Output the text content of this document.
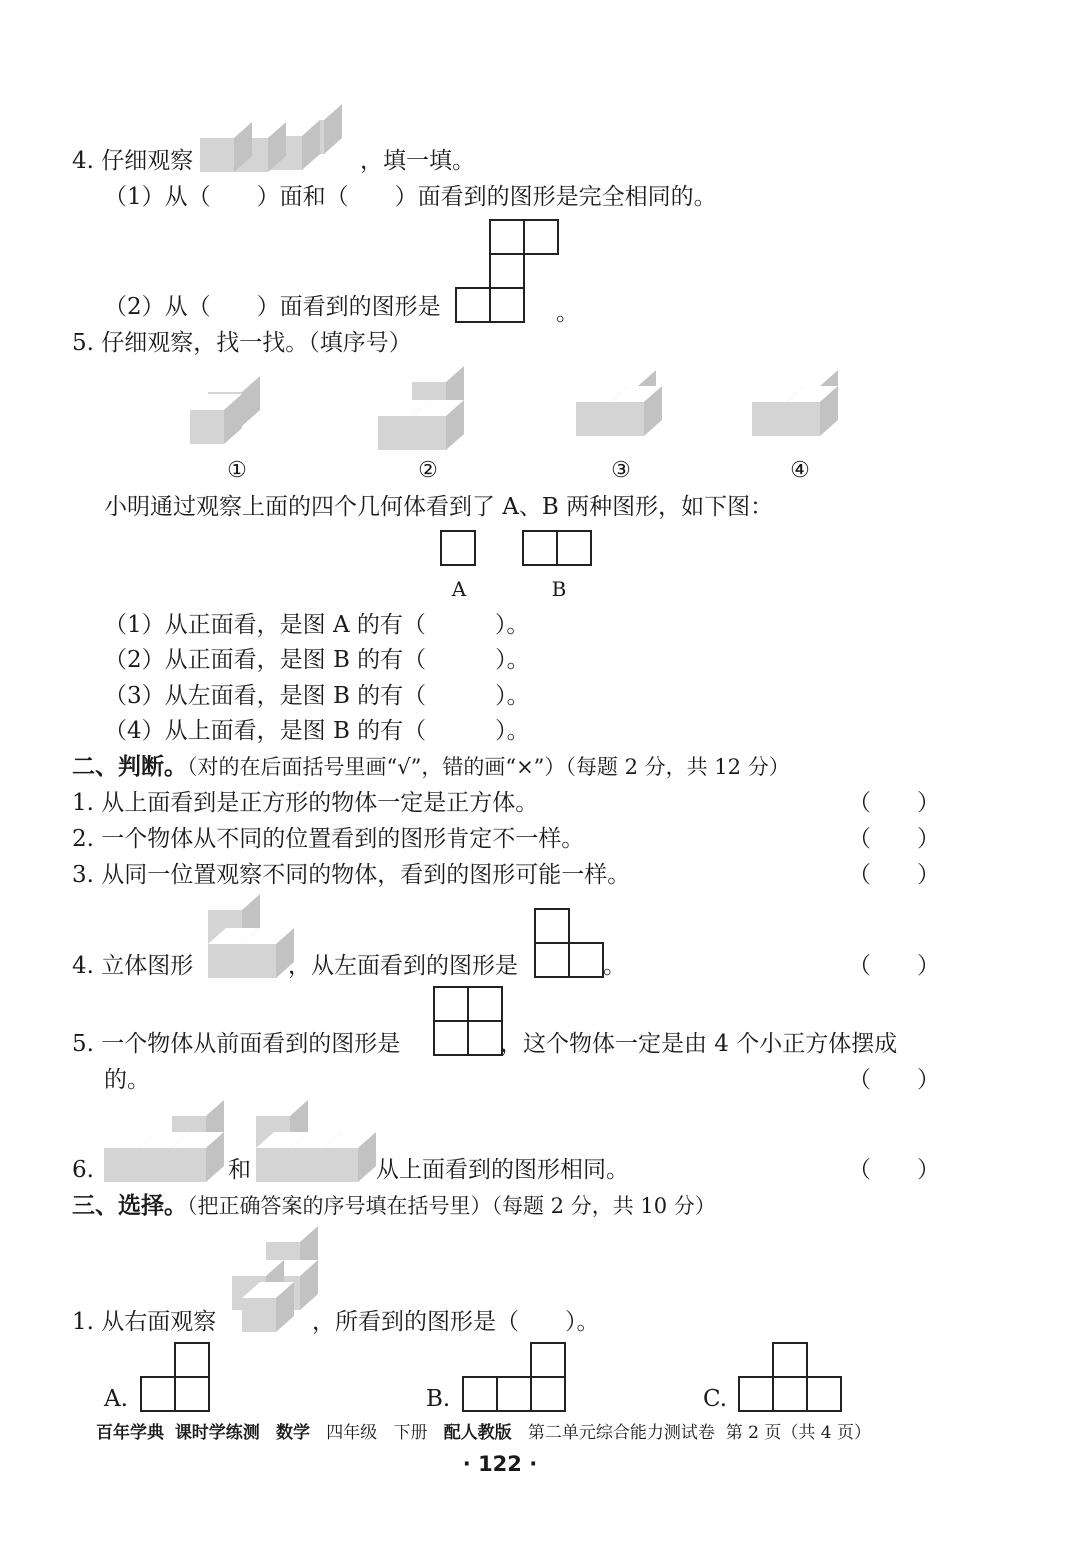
4. 仔细观察	，填一填。
（1）从（　　）面和（　　）面看到的图形是完全相同的。
（2）从（　　）面看到的图形是	。
5. 仔细观察，找一找。（填序号）
①	②	③	④
小明通过观察上面的四个几何体看到了 A、B 两种图形，如下图：
A	B
（1）从正面看，是图 A 的有（　　　）。
（2）从正面看，是图 B 的有（　　　）。
（3）从左面看，是图 B 的有（　　　）。
（4）从上面看，是图 B 的有（　　　）。
二、判断。（对的在后面括号里画“√”，错的画“×”）（每题 2 分，共 12 分）
1. 从上面看到是正方形的物体一定是正方体。	（　　）
2. 一个物体从不同的位置看到的图形肯定不一样。	（　　）
3. 从同一位置观察不同的物体，看到的图形可能一样。	（　　）
4. 立体图形	，从左面看到的图形是	。	（　　）
5. 一个物体从前面看到的图形是	，这个物体一定是由 4 个小正方体摆成
的。	（　　）
6.	和	从上面看到的图形相同。	（　　）
三、选择。（把正确答案的序号填在括号里）（每题 2 分，共 10 分）
1. 从右面观察	，所看到的图形是（　　）。
A.	B.	C.
百年学典 课时学练测 数学 四年级 下册 配人教版 第二单元综合能力测试卷 第 2 页（共 4 页）
· 122 ·
